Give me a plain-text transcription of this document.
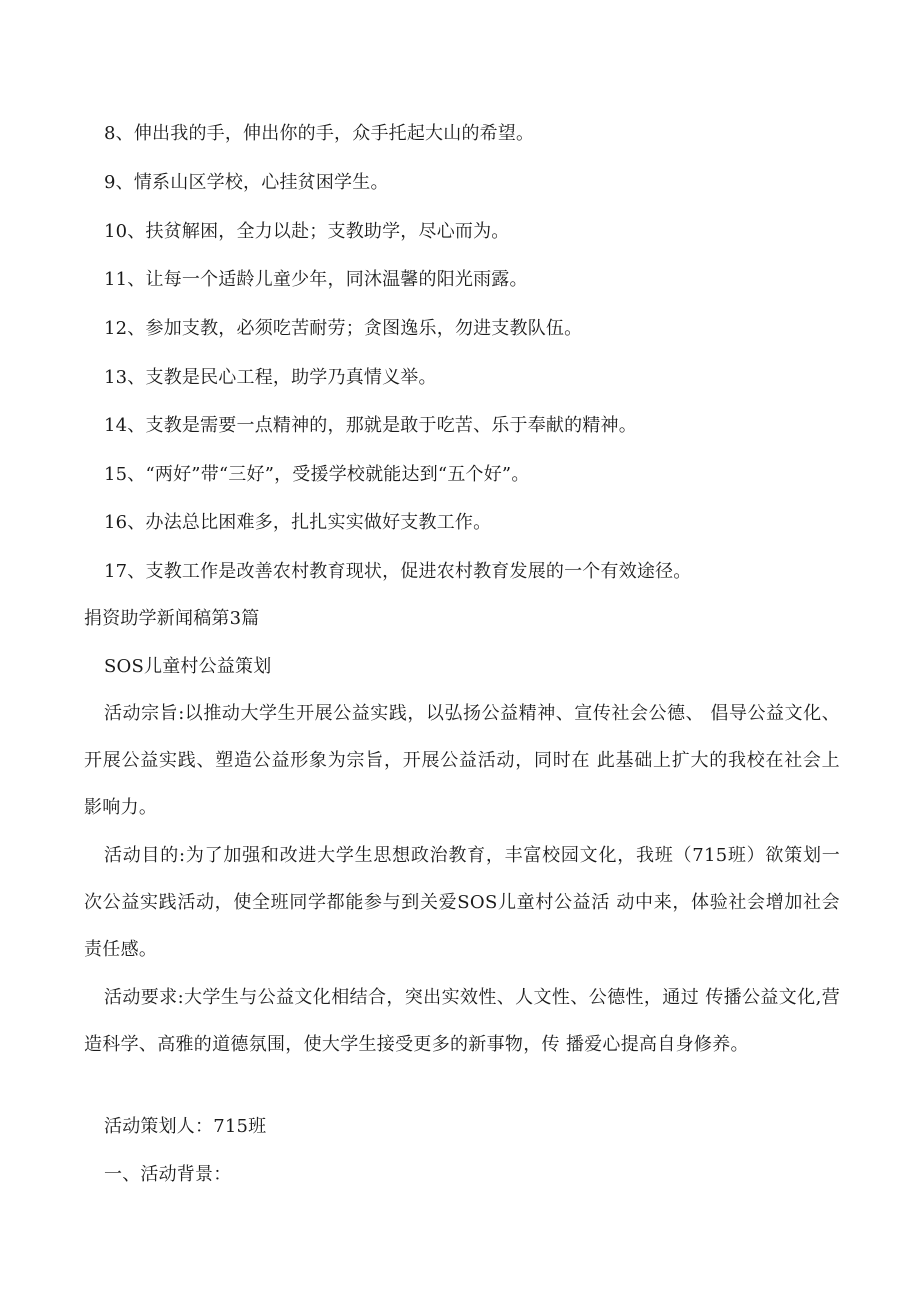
8、伸出我的手，伸出你的手，众手托起大山的希望。
9、情系山区学校，心挂贫困学生。
10、扶贫解困，全力以赴；支教助学，尽心而为。
11、让每一个适龄儿童少年，同沐温馨的阳光雨露。
12、参加支教，必须吃苦耐劳；贪图逸乐，勿进支教队伍。
13、支教是民心工程，助学乃真情义举。
14、支教是需要一点精神的，那就是敢于吃苦、乐于奉献的精神。
15、“两好”带“三好”，受援学校就能达到“五个好”。
16、办法总比困难多，扎扎实实做好支教工作。
17、支教工作是改善农村教育现状，促进农村教育发展的一个有效途径。
捐资助学新闻稿第3篇
SOS儿童村公益策划
活动宗旨:以推动大学生开展公益实践，以弘扬公益精神、宣传社会公德、 倡导公益文化、开展公益实践、塑造公益形象为宗旨，开展公益活动，同时在 此基础上扩大的我校在社会上影响力。
活动目的:为了加强和改进大学生思想政治教育，丰富校园文化，我班（715班）欲策划一次公益实践活动，使全班同学都能参与到关爱SOS儿童村公益活 动中来，体验社会增加社会责任感。
活动要求:大学生与公益文化相结合，突出实效性、人文性、公德性，通过 传播公益文化,营造科学、高雅的道德氛围，使大学生接受更多的新事物，传 播爱心提高自身修养。
活动策划人：715班
一、活动背景：
